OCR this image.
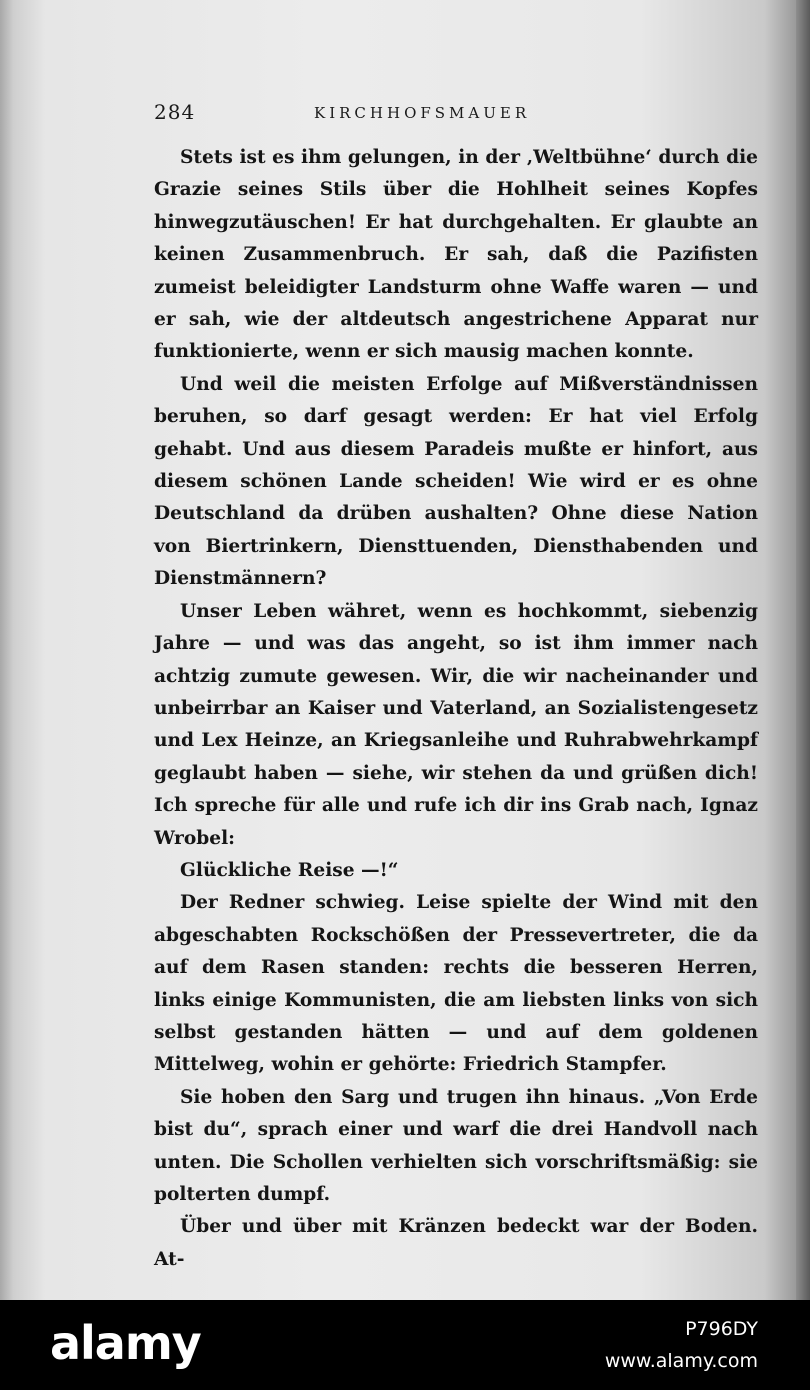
284	KIRCHHOFSMAUER

Stets ist es ihm gelungen, in der ‚Weltbühne‘ durch die Grazie seines Stils über die Hohlheit seines Kopfes hinwegzutäuschen! Er hat durchgehalten. Er glaubte an keinen Zusammenbruch. Er sah, daß die Pazifisten zumeist beleidigter Landsturm ohne Waffe waren — und er sah, wie der altdeutsch angestrichene Apparat nur funktionierte, wenn er sich mausig machen konnte.

Und weil die meisten Erfolge auf Mißverständnissen beruhen, so darf gesagt werden: Er hat viel Erfolg gehabt. Und aus diesem Paradeis mußte er hinfort, aus diesem schönen Lande scheiden! Wie wird er es ohne Deutschland da drüben aushalten? Ohne diese Nation von Biertrinkern, Diensttuenden, Diensthabenden und Dienstmännern?

Unser Leben währet, wenn es hochkommt, siebenzig Jahre — und was das angeht, so ist ihm immer nach achtzig zumute gewesen. Wir, die wir nacheinander und unbeirrbar an Kaiser und Vaterland, an Sozialistengesetz und Lex Heinze, an Kriegsanleihe und Ruhrabwehrkampf geglaubt haben — siehe, wir stehen da und grüßen dich! Ich spreche für alle und rufe ich dir ins Grab nach, Ignaz Wrobel:

Glückliche Reise —!“

Der Redner schwieg. Leise spielte der Wind mit den abgeschabten Rockschößen der Pressevertreter, die da auf dem Rasen standen: rechts die besseren Herren, links einige Kommunisten, die am liebsten links von sich selbst gestanden hätten — und auf dem goldenen Mittelweg, wohin er gehörte: Friedrich Stampfer.

Sie hoben den Sarg und trugen ihn hinaus. „Von Erde bist du“, sprach einer und warf die drei Handvoll nach unten. Die Schollen verhielten sich vorschriftsmäßig: sie polterten dumpf.

Über und über mit Kränzen bedeckt war der Boden. At-

alamy	P796DY
www.alamy.com
